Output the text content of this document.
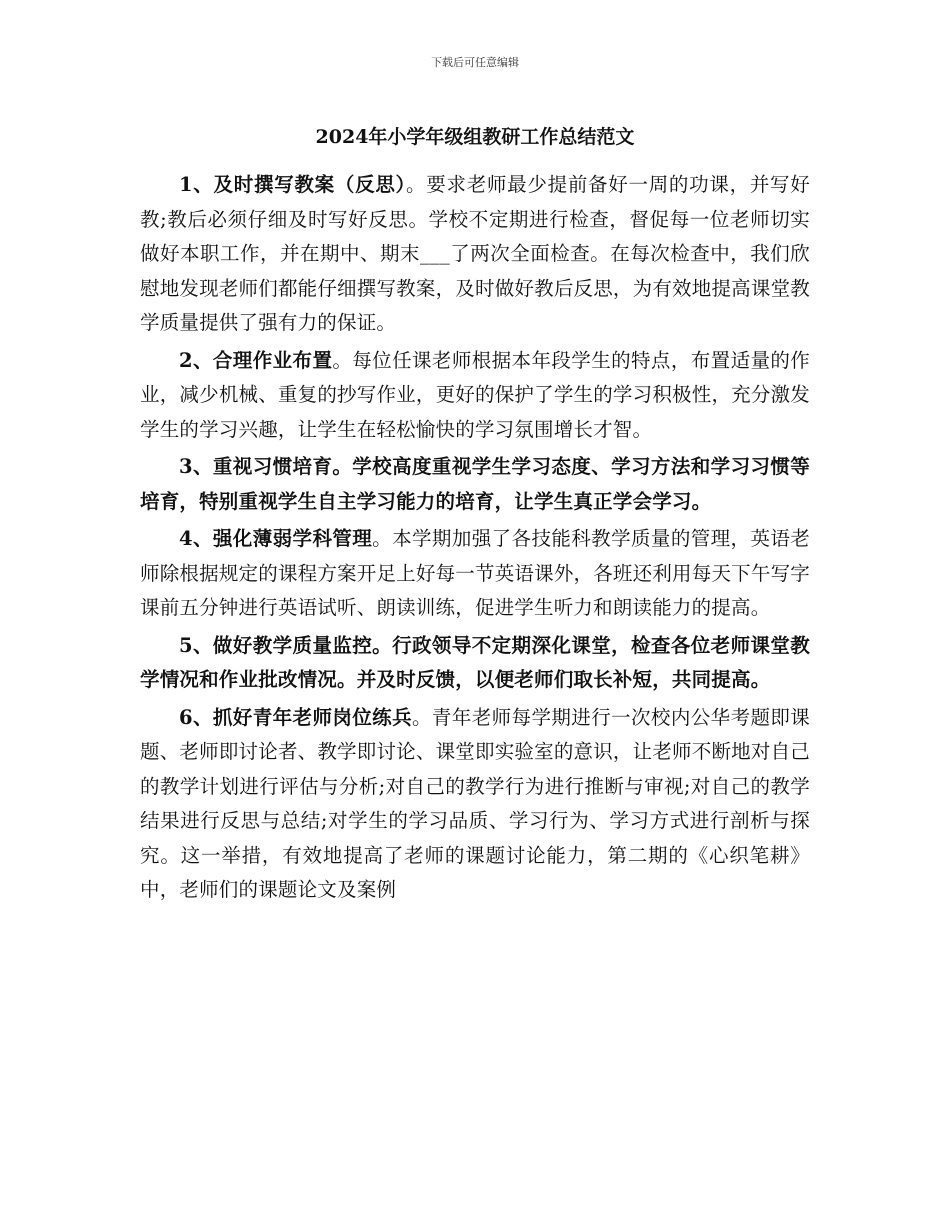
下载后可任意编辑
2024年小学年级组教研工作总结范文

1、及时撰写教案（反思）。要求老师最少提前备好一周的功课，并写好教;教后必须仔细及时写好反思。学校不定期进行检查，督促每一位老师切实做好本职工作，并在期中、期末___了两次全面检查。在每次检查中，我们欣慰地发现老师们都能仔细撰写教案，及时做好教后反思，为有效地提高课堂教学质量提供了强有力的保证。

2、合理作业布置。每位任课老师根据本年段学生的特点，布置适量的作业，减少机械、重复的抄写作业，更好的保护了学生的学习积极性，充分激发学生的学习兴趣，让学生在轻松愉快的学习氛围增长才智。

3、重视习惯培育。学校高度重视学生学习态度、学习方法和学习习惯等培育，特别重视学生自主学习能力的培育，让学生真正学会学习。

4、强化薄弱学科管理。本学期加强了各技能科教学质量的管理，英语老师除根据规定的课程方案开足上好每一节英语课外，各班还利用每天下午写字课前五分钟进行英语试听、朗读训练，促进学生听力和朗读能力的提高。

5、做好教学质量监控。行政领导不定期深化课堂，检查各位老师课堂教学情况和作业批改情况。并及时反馈，以便老师们取长补短，共同提高。

6、抓好青年老师岗位练兵。青年老师每学期进行一次校内公华考题即课题、老师即讨论者、教学即讨论、课堂即实验室的意识，让老师不断地对自己的教学计划进行评估与分析;对自己的教学行为进行推断与审视;对自己的教学结果进行反思与总结;对学生的学习品质、学习行为、学习方式进行剖析与探究。这一举措，有效地提高了老师的课题讨论能力，第二期的《心织笔耕》中，老师们的课题论文及案例
